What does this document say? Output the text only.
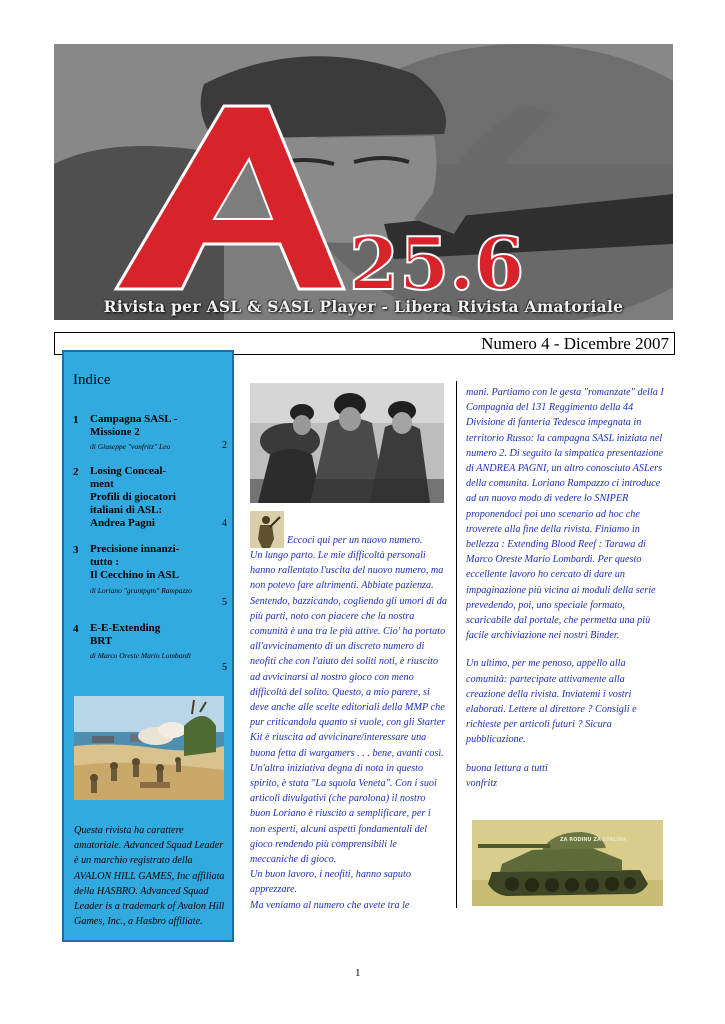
25.6
Rivista per ASL & SASL Player - Libera Rivista Amatoriale
Numero 4 - Dicembre 2007
Indice
1 Campagna SASL -
Missione 2
di Giuseppe "vonfritz" Leo	2
2 Losing Conceal-
ment
Profili di giocatori
italiani di ASL:
Andrea Pagni	4
3 Precisione innanzi-
tutto :
Il Cecchino in ASL
di Loriano "gruntpgm" Rampazzo
5
4 E-E-Extending
BRT
di Marco Oreste Mario Lombardi
5
Questa rivista ha carattere amatoriale. Advanced Squad Leader è un marchio registrato della AVALON HILL GAMES, Inc affiliata della HASBRO. Advanced Squad Leader is a trademark of Avalon Hill Games, Inc., a Hasbro affiliate.
Eccoci qui per un nuovo numero.

Un lungo parto. Le mie difficoltà personali hanno rallentato l'uscita del nuovo numero, ma non potevo fare altrimenti. Abbiate pazienza.
Sentendo, bazzicando, cogliendo gli umori di da più parti, noto con piacere che la nostra comunità è una tra le più attive. Cio' ha portato all'avvicinamento di un discreto numero di neofiti che con l'aiuto dei soliti noti, è riuscito ad avvicinarsi al nostro gioco con meno difficoltà del solito. Questo, a mio parere, si deve anche alle scelte editoriali della MMP che pur criticandola quanto si vuole, con gli Starter Kit è riuscita ad avvicinare/interessare una buona fetta di wargamers . . . bene, avanti così. Un'altra iniziativa degna di nota in questo spirito, è stata "La squola Veneta". Con i suoi articoli divulgativi (che parolona) il nostro buon Loriano è riuscito a semplificare, per i non esperti, alcuni aspetti fondamentali del gioco rendendo più comprensibili le meccaniche di gioco.
Un buon lavoro, i neofiti, hanno saputo apprezzare.
Ma veniamo al numero che avete tra le

mani. Partiamo con le gesta "romanzate" della I Compagnia del 131 Reggimento della 44 Divisione di fanteria Tedesca impegnata in territorio Russo: la campagna SASL iniziata nel numero 2. Di seguito la simpatica presentazione di ANDREA PAGNI, un altro conosciuto ASLers della comunita. Loriano Rampazzo ci introduce ad un nuovo modo di vedere lo SNIPER proponendoci poi uno scenario ad hoc che troverete alla fine della rivista. Finiamo in bellezza : Extending Blood Reef : Tarawa di Marco Oreste Mario Lombardi. Per questo eccellente lavoro ho cercato di dare un impaginazione più vicina ai moduli della serie prevedendo, poi, uno speciale formato, scaricabile dal portale, che permetta una più facile archiviazione nei nostri Binder.

Un ultimo, per me penoso, appello alla comunità: partecipate attivamente alla creazione della rivista. Inviatemi i vostri elaborati. Lettere al direttore ? Consigli e richieste per articoli futuri ? Sicura pubblicazione.

buona lettura a tutti
vonfritz

ZA RODINU ZA STALINA
1
